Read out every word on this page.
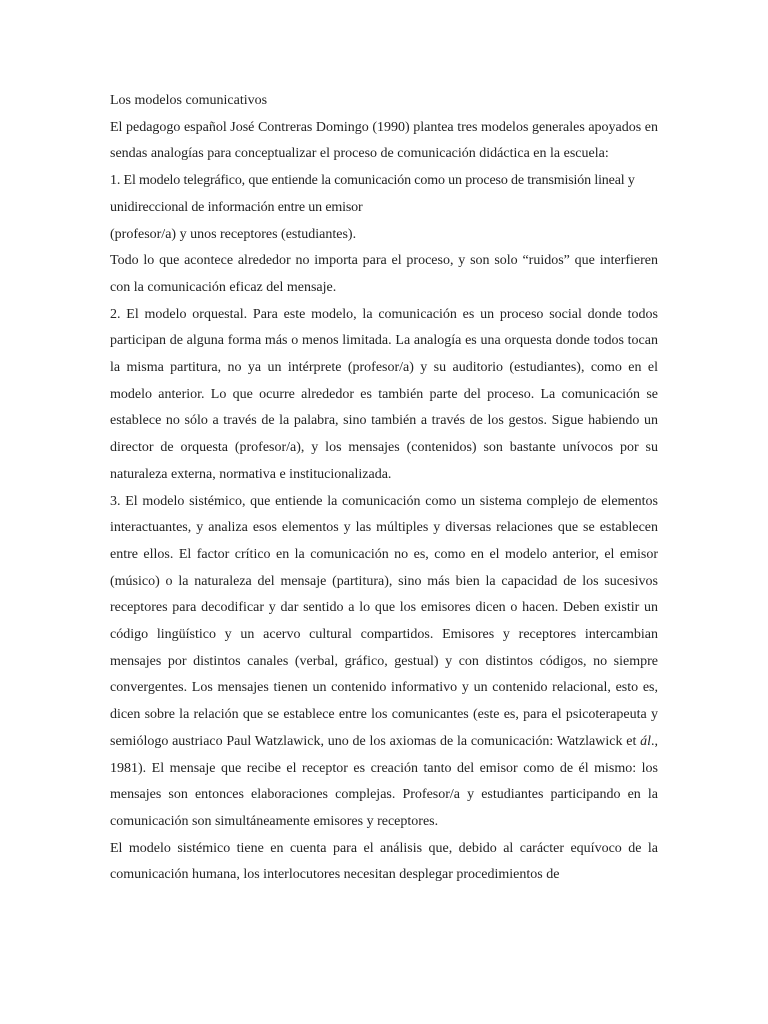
Los modelos comunicativos

El pedagogo español José Contreras Domingo (1990) plantea tres modelos generales apoyados en sendas analogías para conceptualizar el proceso de comunicación didáctica en la escuela:

1. El modelo telegráfico, que entiende la comunicación como un proceso de transmisión lineal y unidireccional de información entre un emisor

(profesor/a) y unos receptores (estudiantes).

Todo lo que acontece alrededor no importa para el proceso, y son solo “ruidos” que interfieren con la comunicación eficaz del mensaje.

2. El modelo orquestal. Para este modelo, la comunicación es un proceso social donde todos participan de alguna forma más o menos limitada. La analogía es una orquesta donde todos tocan la misma partitura, no ya un intérprete (profesor/a) y su auditorio (estudiantes), como en el modelo anterior. Lo que ocurre alrededor es también parte del proceso. La comunicación se establece no sólo a través de la palabra, sino también a través de los gestos. Sigue habiendo un director de orquesta (profesor/a), y los mensajes (contenidos) son bastante unívocos por su naturaleza externa, normativa e institucionalizada.

3. El modelo sistémico, que entiende la comunicación como un sistema complejo de elementos interactuantes, y analiza esos elementos y las múltiples y diversas relaciones que se establecen entre ellos. El factor crítico en la comunicación no es, como en el modelo anterior, el emisor (músico) o la naturaleza del mensaje (partitura), sino más bien la capacidad de los sucesivos receptores para decodificar y dar sentido a lo que los emisores dicen o hacen. Deben existir un código lingüístico y un acervo cultural compartidos. Emisores y receptores intercambian mensajes por distintos canales (verbal, gráfico, gestual) y con distintos códigos, no siempre convergentes. Los mensajes tienen un contenido informativo y un contenido relacional, esto es, dicen sobre la relación que se establece entre los comunicantes (este es, para el psicoterapeuta y semiólogo austriaco Paul Watzlawick, uno de los axiomas de la comunicación: Watzlawick et ál., 1981). El mensaje que recibe el receptor es creación tanto del emisor como de él mismo: los mensajes son entonces elaboraciones complejas. Profesor/a y estudiantes participando en la comunicación son simultáneamente emisores y receptores.

El modelo sistémico tiene en cuenta para el análisis que, debido al carácter equívoco de la comunicación humana, los interlocutores necesitan desplegar procedimientos de
